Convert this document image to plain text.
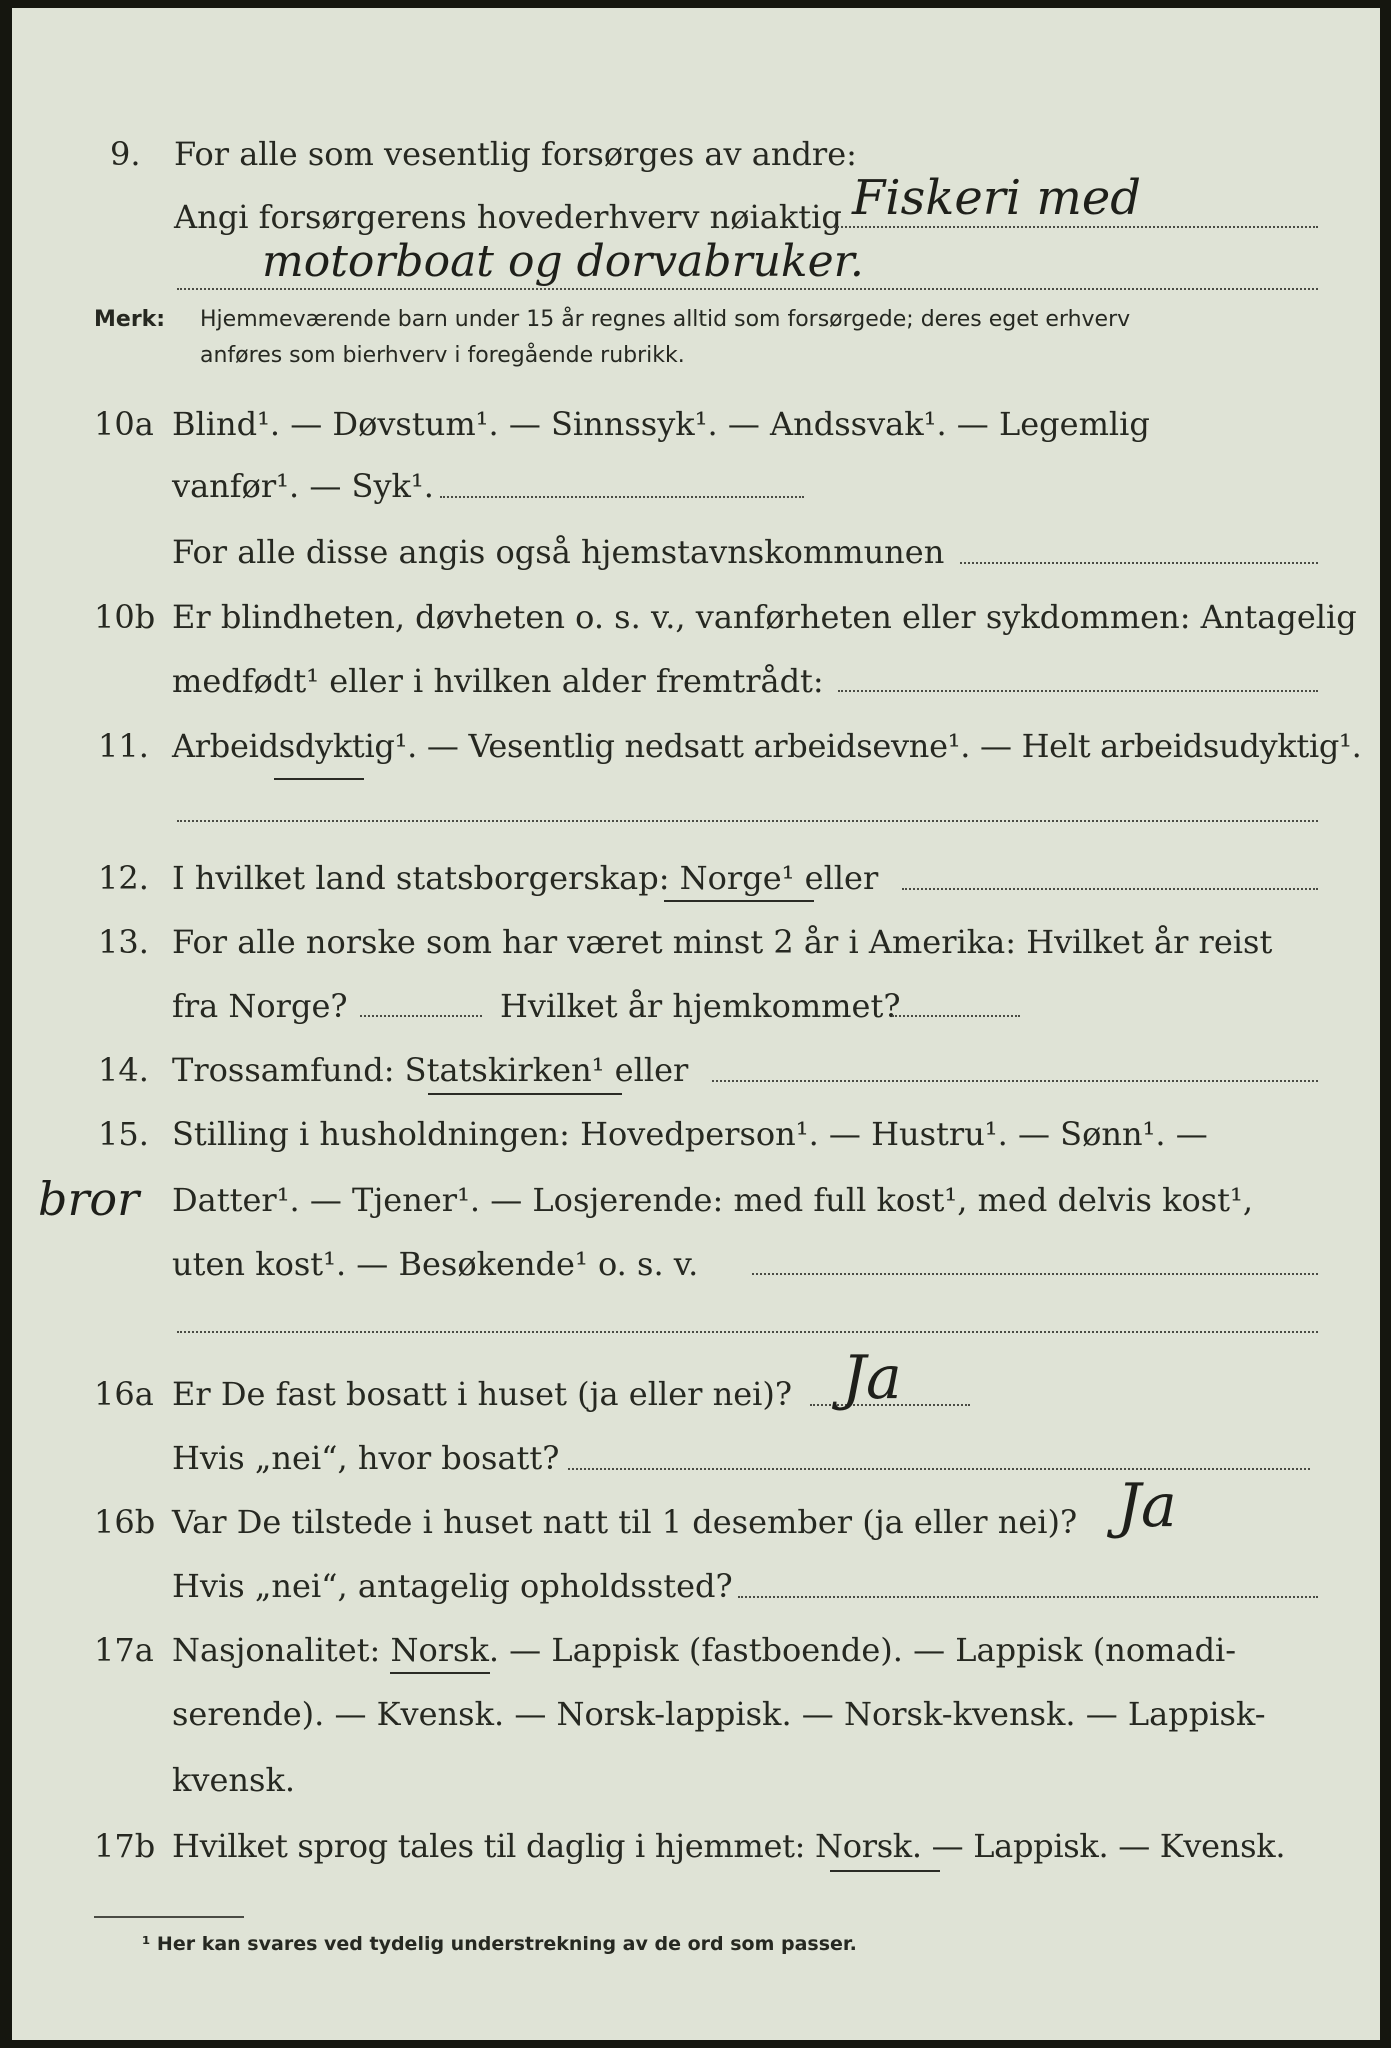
9. For alle som vesentlig forsørges av andre:
Angi forsørgerens hovederhverv nøiaktig Fiskeri med
motorboat og dorvabruker.
Merk: Hjemmeværende barn under 15 år regnes alltid som forsørgede; deres eget erhverv
anføres som bierhverv i foregående rubrikk.
10a Blind¹. — Døvstum¹. — Sinnssyk¹. — Andssvak¹. — Legemlig
vanfør¹. — Syk¹.
For alle disse angis også hjemstavnskommunen
10b Er blindheten, døvheten o. s. v., vanførheten eller sykdommen: Antagelig
medfødt¹ eller i hvilken alder fremtrådt:
11. Arbeidsdyktig¹. — Vesentlig nedsatt arbeidsevne¹. — Helt arbeidsudyktig¹.
12. I hvilket land statsborgerskap: Norge¹ eller
13. For alle norske som har været minst 2 år i Amerika: Hvilket år reist
fra Norge?	Hvilket år hjemkommet?
14. Trossamfund: Statskirken¹ eller
15. Stilling i husholdningen: Hovedperson¹. — Hustru¹. — Sønn¹. —
bror Datter¹. — Tjener¹. — Losjerende: med full kost¹, med delvis kost¹,
uten kost¹. — Besøkende¹ o. s. v.
16a Er De fast bosatt i huset (ja eller nei)? Ja
Hvis „nei“, hvor bosatt?
16b Var De tilstede i huset natt til 1 desember (ja eller nei)? Ja
Hvis „nei“, antagelig opholdssted?
17a Nasjonalitet: Norsk. — Lappisk (fastboende). — Lappisk (nomadi-
serende). — Kvensk. — Norsk-lappisk. — Norsk-kvensk. — Lappisk-
kvensk.
17b Hvilket sprog tales til daglig i hjemmet: Norsk. — Lappisk. — Kvensk.
¹ Her kan svares ved tydelig understrekning av de ord som passer.
